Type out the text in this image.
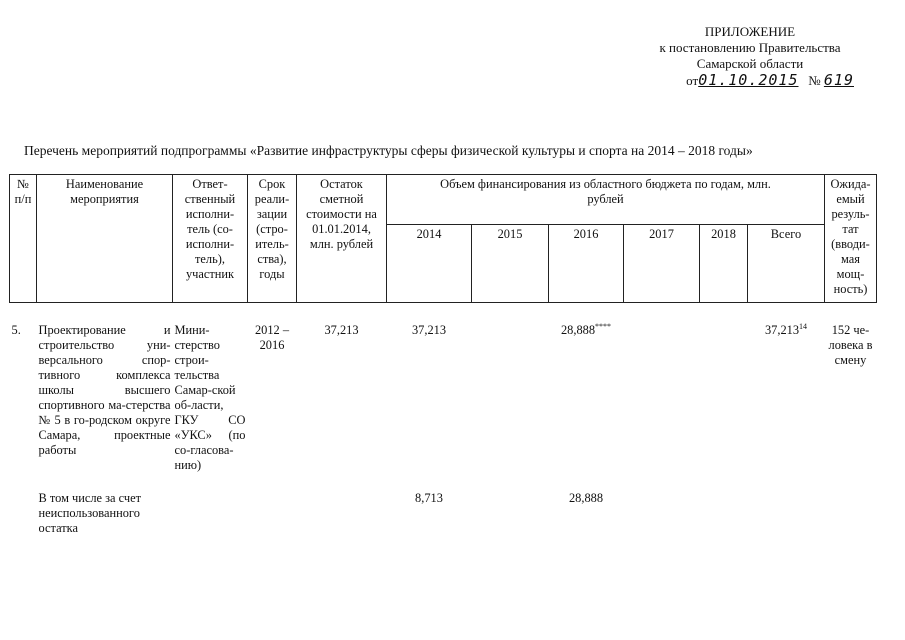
ПРИЛОЖЕНИЕ
к постановлению Правительства
Самарской области
от01.10.2015 № 619
Перечень мероприятий подпрограммы «Развитие инфраструктуры сферы физической культуры и спорта на 2014 – 2018 годы»
№ п/п	Наименование мероприятия	Ответ-ственный исполни-тель (со-исполни-тель), участник	Срок реали-зации (стро-итель-ства), годы	Остаток сметной стоимости на 01.01.2014, млн. рублей	Объем финансирования из областного бюджета по годам, млн. рублей						Ожида-емый резуль-тат (вводи-мая мощ-ность)
					2014	2015	2016	2017	2018	Всего	
5.	Проектирование и строительство уни-версального спор-тивного комплекса школы высшего спортивного ма-стерства № 5 в го-родском округе Самара, проектные работы	Мини-стерство строи-тельства Самар-ской об-ласти, ГКУ СО «УКС» (по со-гласова-нию)	2012 – 2016	37,213	37,213		28,888****			37,213$^{14}$	152 че-ловека в смену
	В том числе за счет неиспользованного остатка				8,713		28,888				
